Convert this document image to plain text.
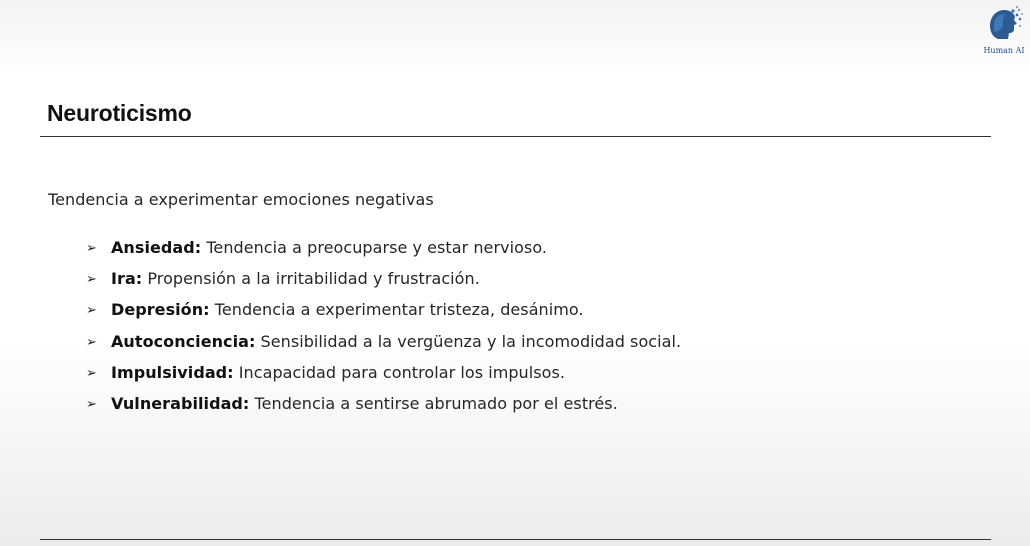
Human AI
Neuroticismo

Tendencia a experimentar emociones negativas

➢ Ansiedad: Tendencia a preocuparse y estar nervioso.
➢ Ira: Propensión a la irritabilidad y frustración.
➢ Depresión: Tendencia a experimentar tristeza, desánimo.
➢ Autoconciencia: Sensibilidad a la vergüenza y la incomodidad social.
➢ Impulsividad: Incapacidad para controlar los impulsos.
➢ Vulnerabilidad: Tendencia a sentirse abrumado por el estrés.
